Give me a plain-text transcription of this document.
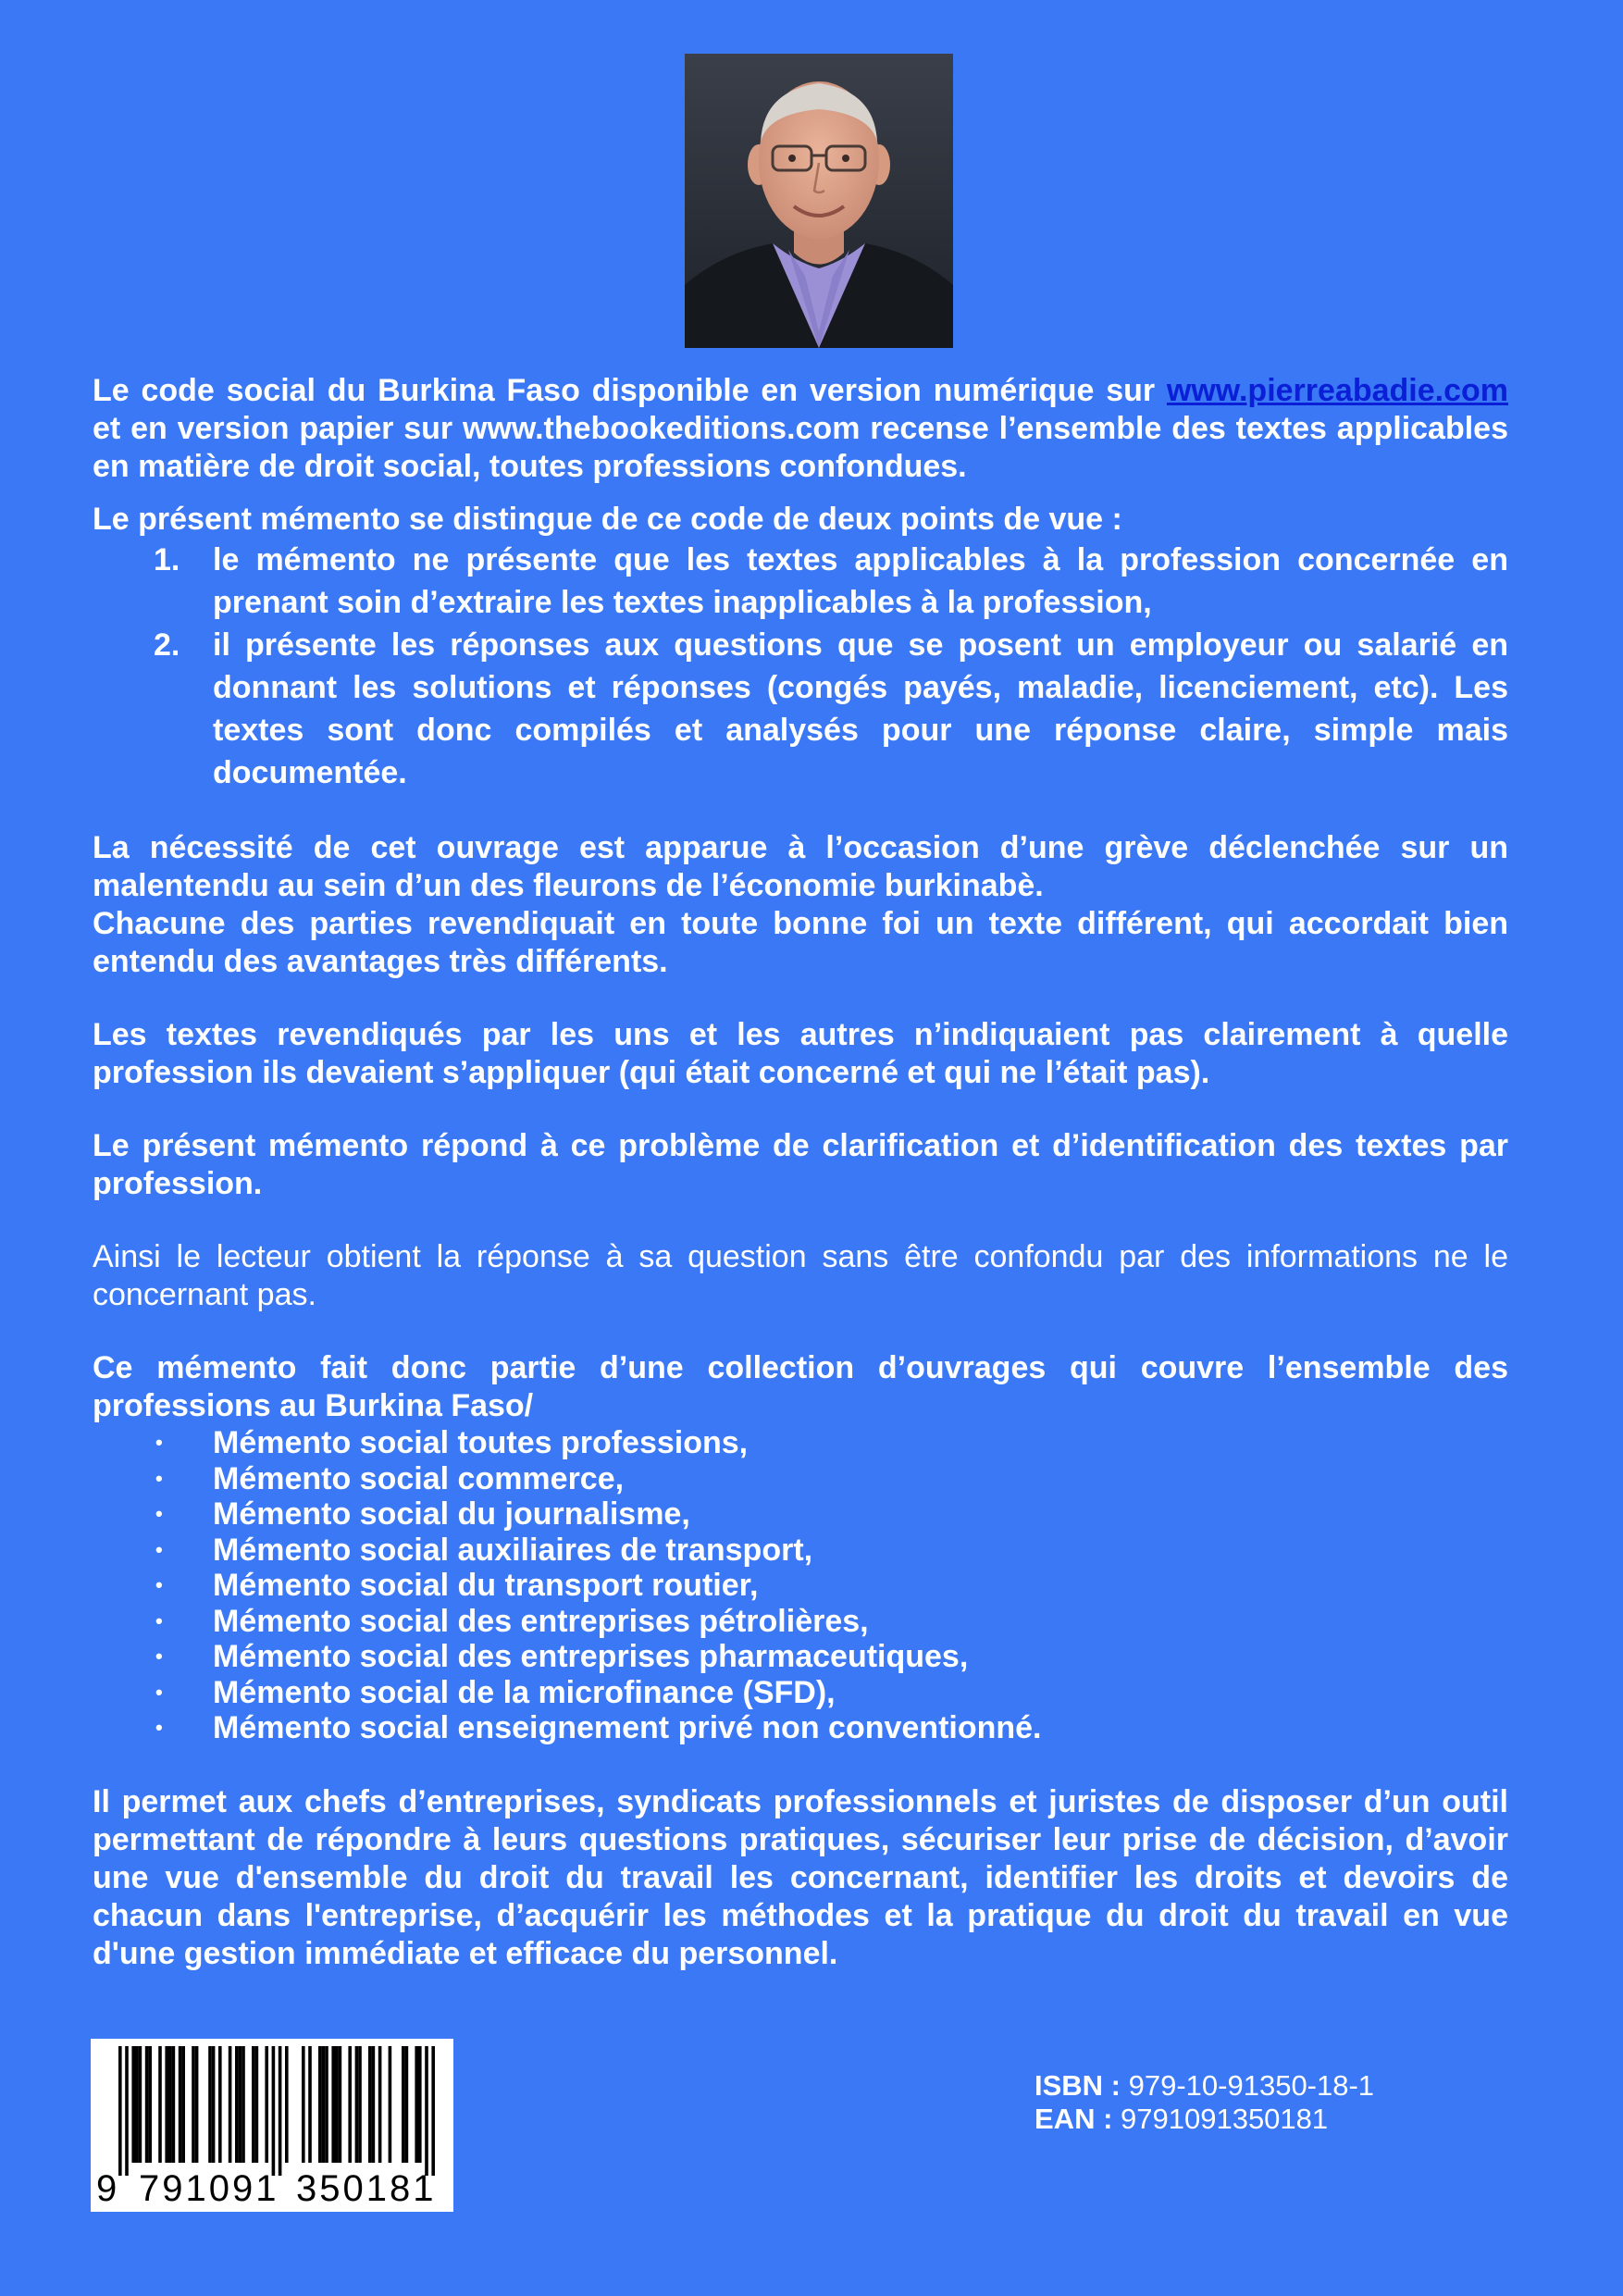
Le code social du Burkina Faso disponible en version numérique sur www.pierreabadie.com et en version papier sur www.thebookeditions.com recense l’ensemble des textes applicables en matière de droit social, toutes professions confondues.

Le présent mémento se distingue de ce code de deux points de vue :

1. le mémento ne présente que les textes applicables à la profession concernée en prenant soin d’extraire les textes inapplicables à la profession,
2. il présente les réponses aux questions que se posent un employeur ou salarié en donnant les solutions et réponses (congés payés, maladie, licenciement, etc). Les textes sont donc compilés et analysés pour une réponse claire, simple mais documentée.

La nécessité de cet ouvrage est apparue à l’occasion d’une grève déclenchée sur un malentendu au sein d’un des fleurons de l’économie burkinabè.

Chacune des parties revendiquait en toute bonne foi un texte différent, qui accordait bien entendu des avantages très différents.

Les textes revendiqués par les uns et les autres n’indiquaient pas clairement à quelle profession ils devaient s’appliquer (qui était concerné et qui ne l’était pas).

Le présent mémento répond à ce problème de clarification et d’identification des textes par profession.

Ainsi le lecteur obtient la réponse à sa question sans être confondu par des informations ne le concernant pas.

Ce mémento fait donc partie d’une collection d’ouvrages qui couvre l’ensemble des professions au Burkina Faso/

• Mémento social toutes professions,
• Mémento social commerce,
• Mémento social du journalisme,
• Mémento social auxiliaires de transport,
• Mémento social du transport routier,
• Mémento social des entreprises pétrolières,
• Mémento social des entreprises pharmaceutiques,
• Mémento social de la microfinance (SFD),
• Mémento social enseignement privé non conventionné.

Il permet aux chefs d’entreprises, syndicats professionnels et juristes de disposer d’un outil permettant de répondre à leurs questions pratiques, sécuriser leur prise de décision, d’avoir une vue d'ensemble du droit du travail les concernant, identifier les droits et devoirs de chacun dans l'entreprise, d’acquérir les méthodes et la pratique du droit du travail en vue d'une gestion immédiate et efficace du personnel.

9 791091 350181
ISBN : 979-10-91350-18-1
EAN : 9791091350181
